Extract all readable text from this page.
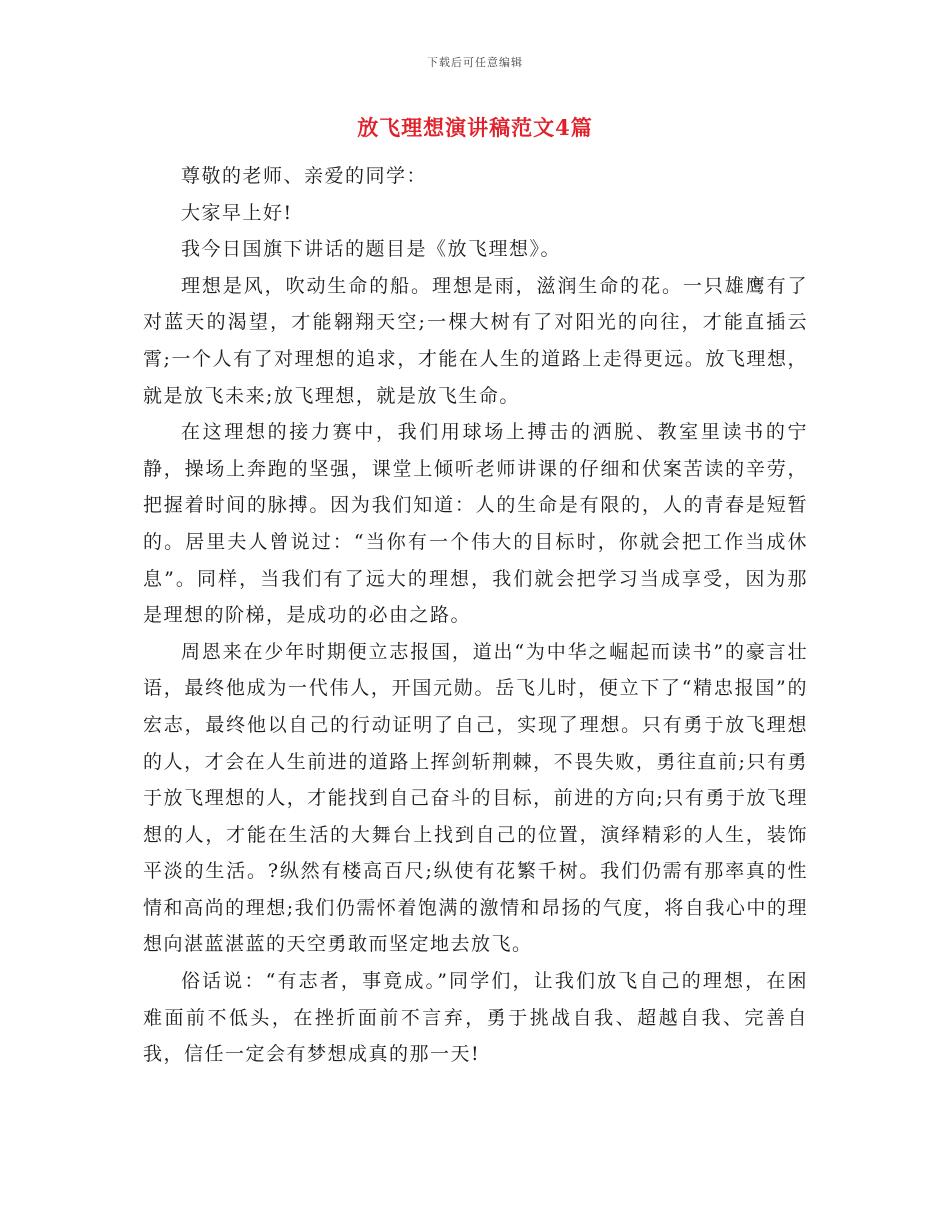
下载后可任意编辑
放飞理想演讲稿范文4篇

尊敬的老师、亲爱的同学：

大家早上好!

我今日国旗下讲话的题目是《放飞理想》。

理想是风，吹动生命的船。理想是雨，滋润生命的花。一只雄鹰有了对蓝天的渴望，才能翱翔天空;一棵大树有了对阳光的向往，才能直插云霄;一个人有了对理想的追求，才能在人生的道路上走得更远。放飞理想，就是放飞未来;放飞理想，就是放飞生命。

在这理想的接力赛中，我们用球场上搏击的洒脱、教室里读书的宁静，操场上奔跑的坚强，课堂上倾听老师讲课的仔细和伏案苦读的辛劳，把握着时间的脉搏。因为我们知道：人的生命是有限的，人的青春是短暂的。居里夫人曾说过：“当你有一个伟大的目标时，你就会把工作当成休息”。同样，当我们有了远大的理想，我们就会把学习当成享受，因为那是理想的阶梯，是成功的必由之路。

周恩来在少年时期便立志报国，道出“为中华之崛起而读书”的豪言壮语，最终他成为一代伟人，开国元勋。岳飞儿时，便立下了“精忠报国”的宏志，最终他以自己的行动证明了自己，实现了理想。只有勇于放飞理想的人，才会在人生前进的道路上挥剑斩荆棘，不畏失败，勇往直前;只有勇于放飞理想的人，才能找到自己奋斗的目标，前进的方向;只有勇于放飞理想的人，才能在生活的大舞台上找到自己的位置，演绎精彩的人生，装饰平淡的生活。?纵然有楼高百尺;纵使有花繁千树。我们仍需有那率真的性情和高尚的理想;我们仍需怀着饱满的激情和昂扬的气度，将自我心中的理想向湛蓝湛蓝的天空勇敢而坚定地去放飞。

俗话说：“有志者，事竟成。”同学们，让我们放飞自己的理想，在困难面前不低头，在挫折面前不言弃，勇于挑战自我、超越自我、完善自我，信任一定会有梦想成真的那一天!
